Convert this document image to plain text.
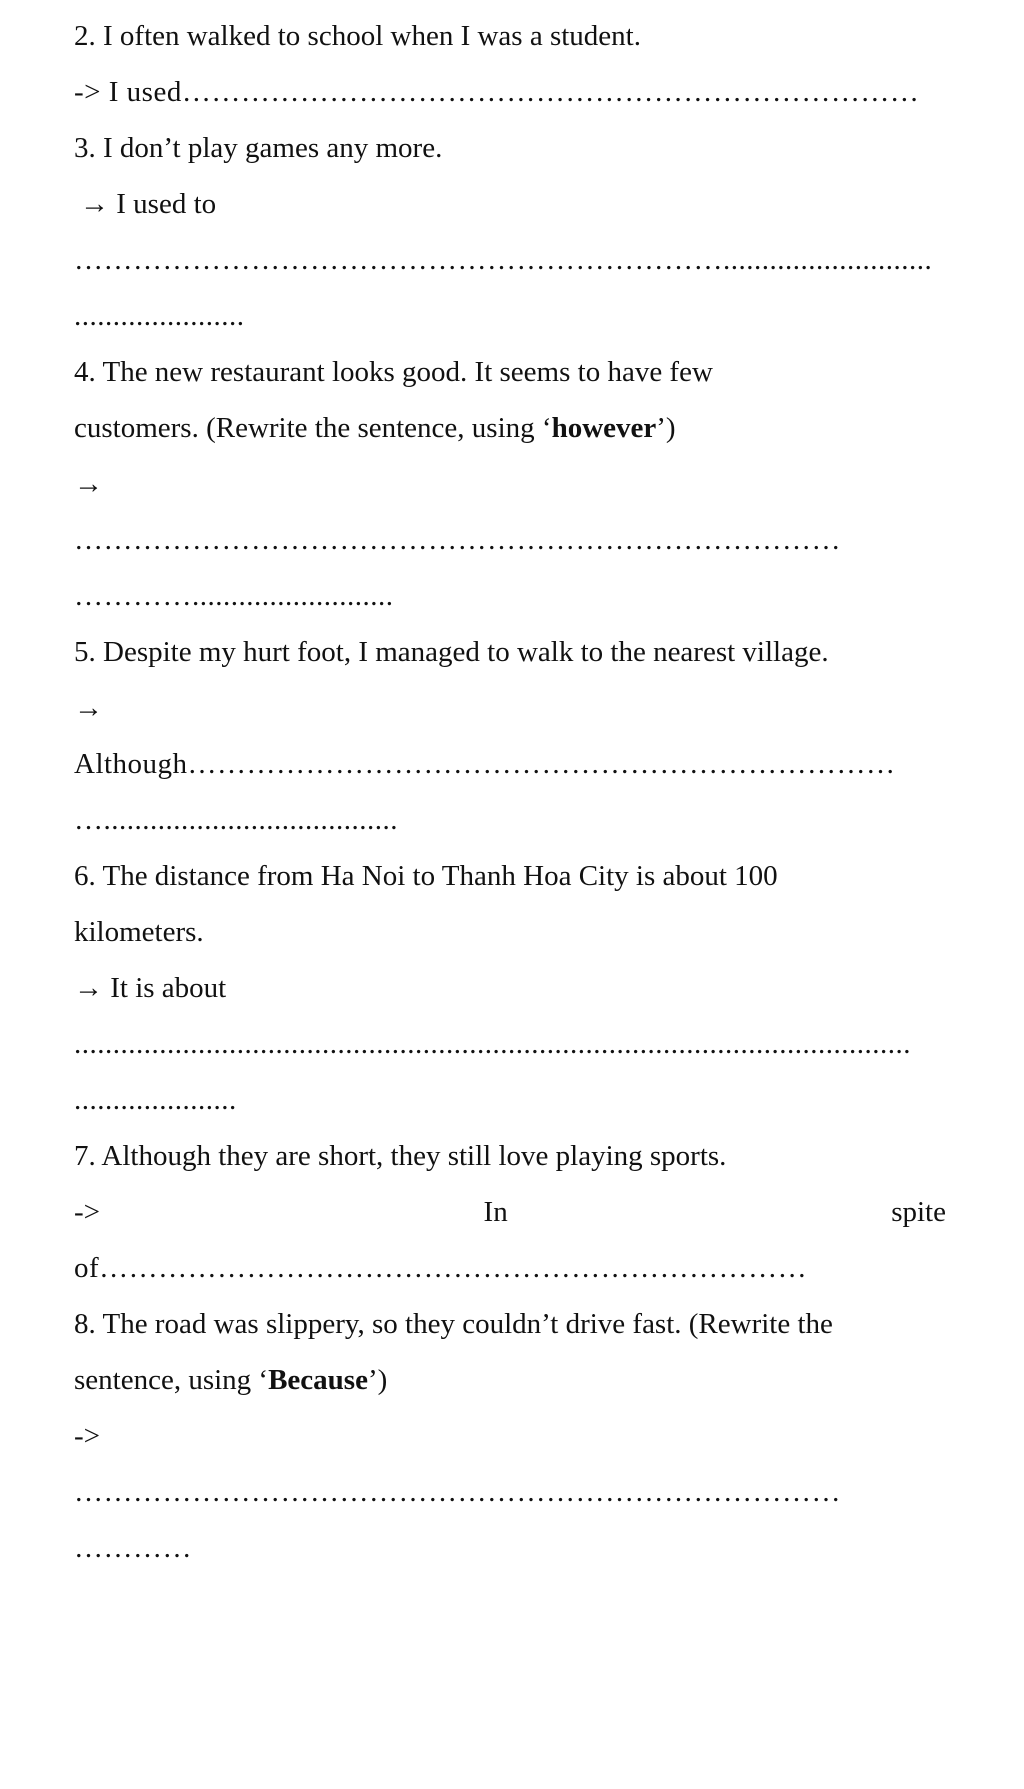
2. I often walked to school when I was a student.
-> I used…………………………………………………………………
3. I don’t play games any more.
→ I used to
…………………………………………………………...........................
......................
4. The new restaurant looks good. It seems to have few
customers. (Rewrite the sentence, using ‘however’)
→
……………………………………………………………………
…………..........................
5. Despite my hurt foot, I managed to walk to the nearest village.
→
Although………………………………………………………………
…......................................
6. The distance from Ha Noi to Thanh Hoa City is about 100
kilometers.
→ It is about
............................................................................................................
.....................
7. Although they are short, they still love playing sports.
->	In	spite
of………………………………………………………………
8. The road was slippery, so they couldn’t drive fast. (Rewrite the
sentence, using ‘Because’)
->
……………………………………………………………………
…………
